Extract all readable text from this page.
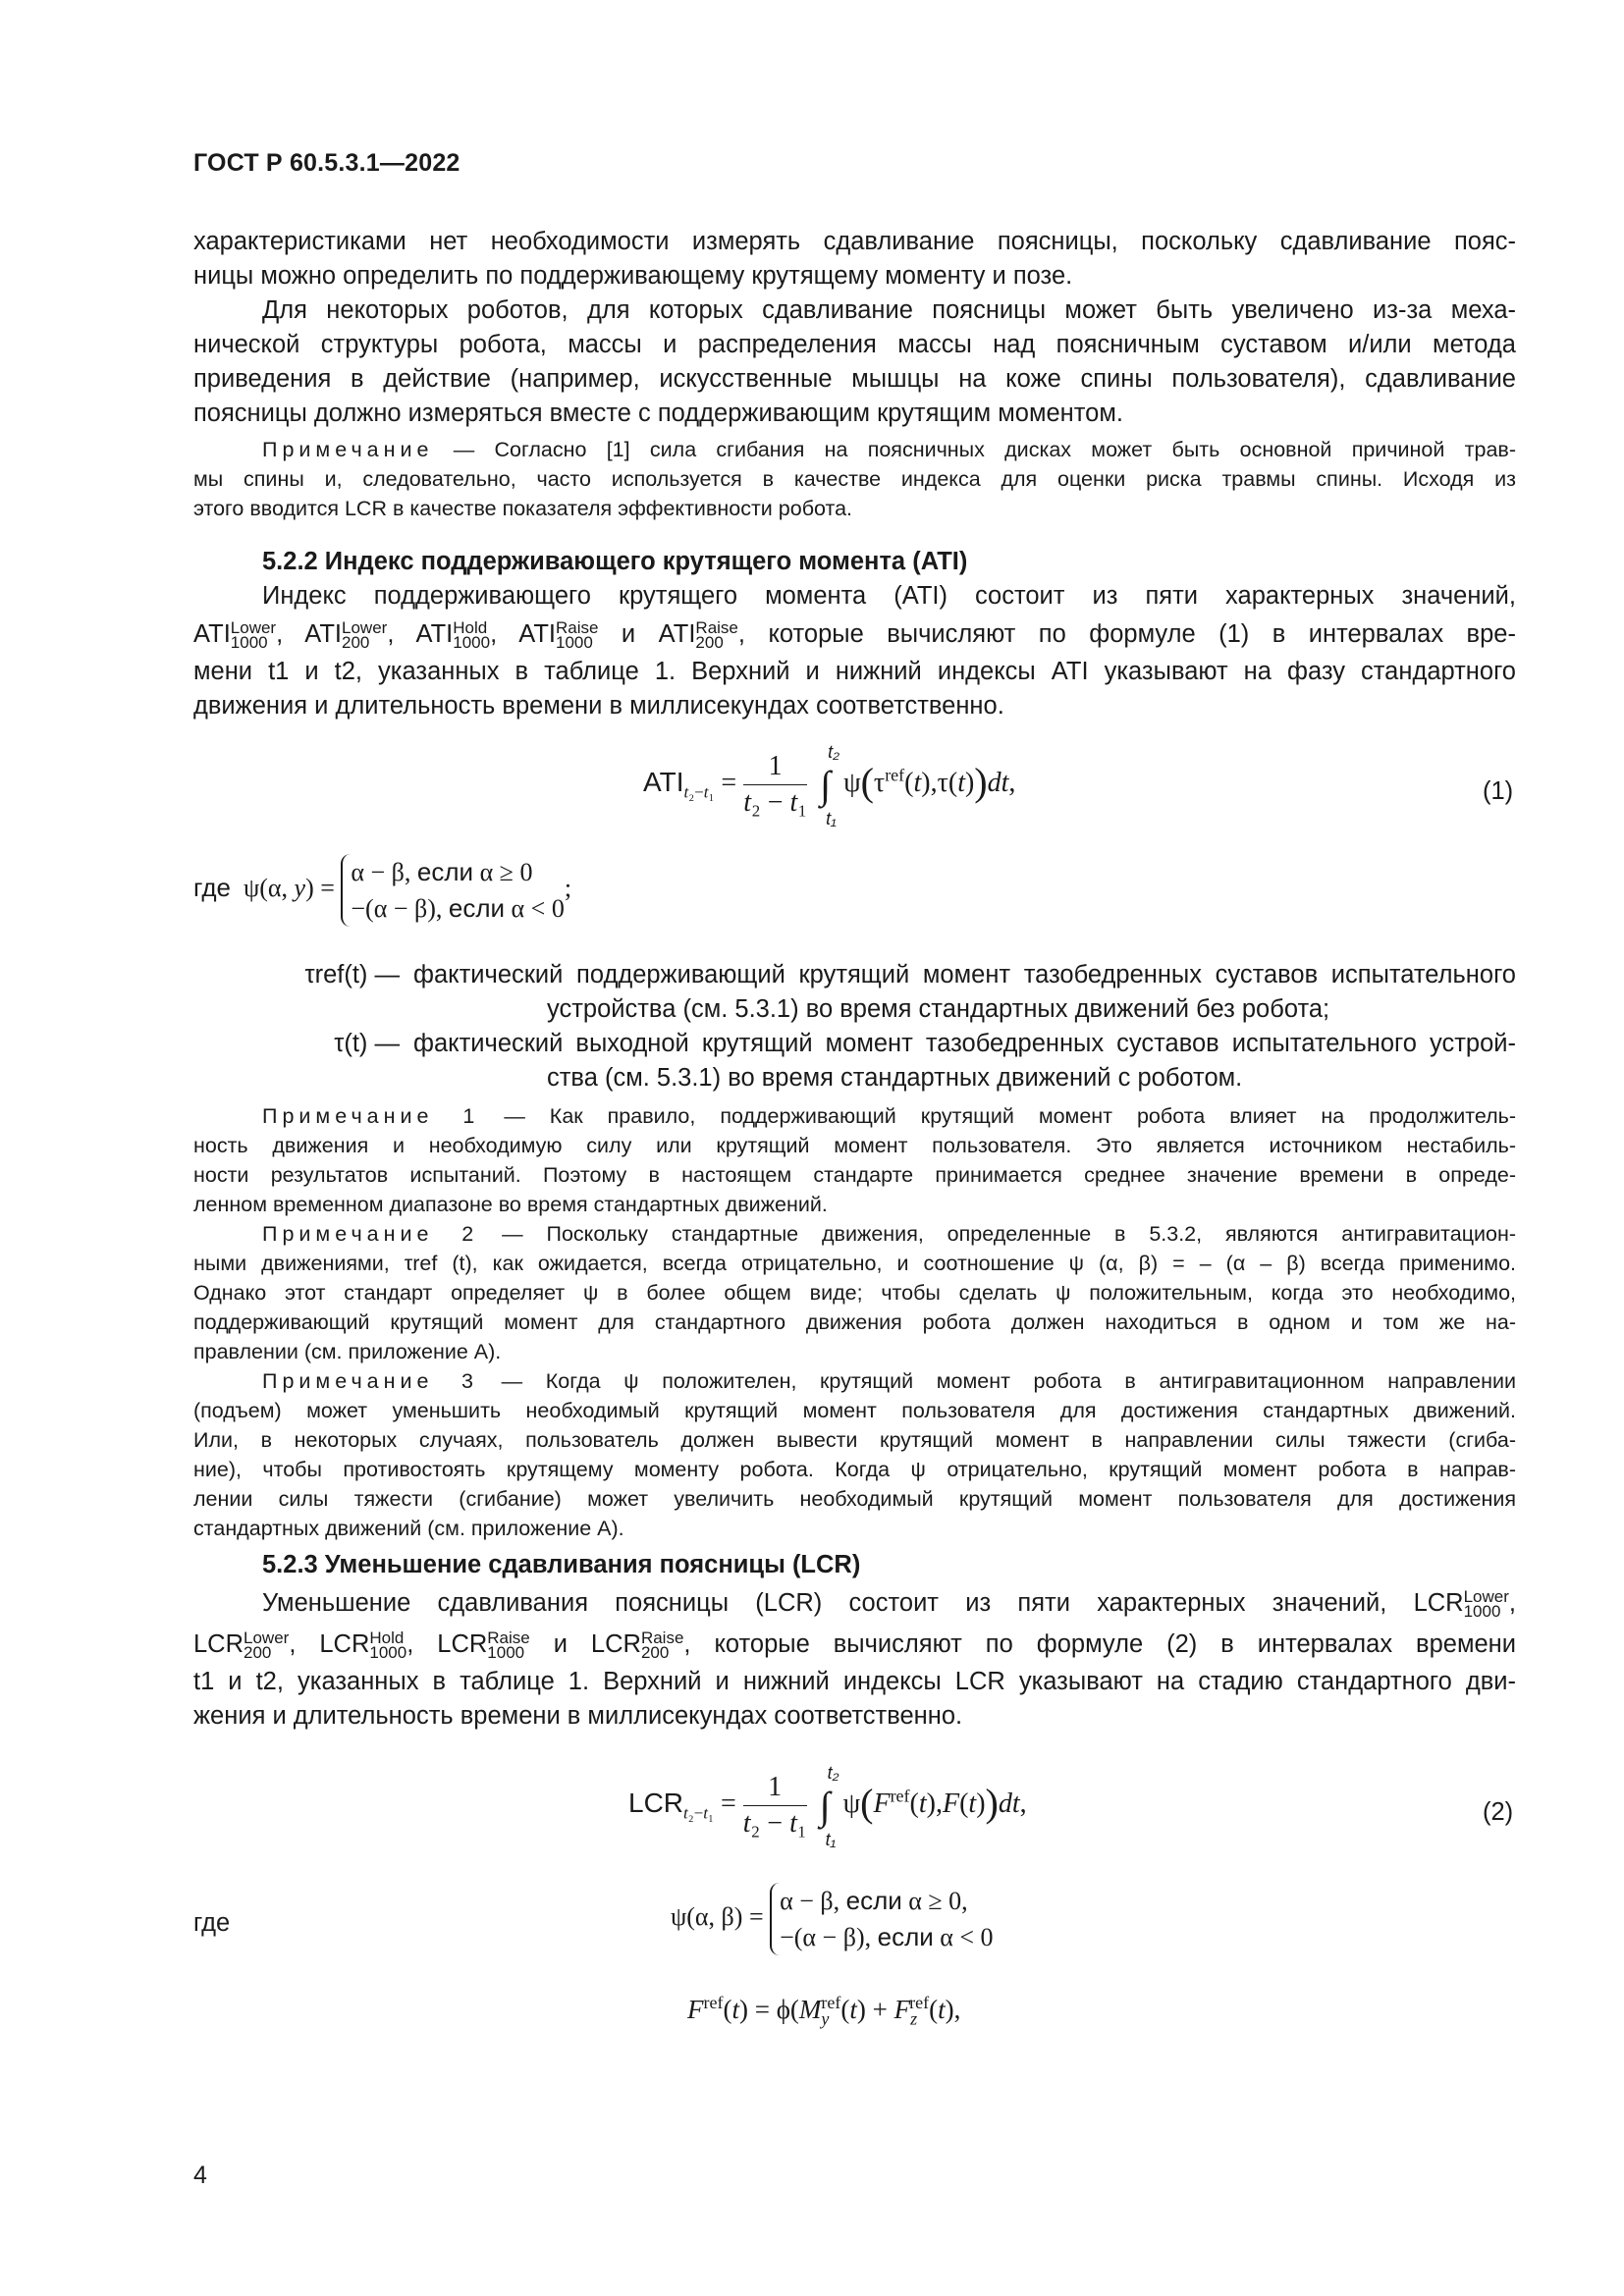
ГОСТ Р 60.5.3.1—2022
характеристиками нет необходимости измерять сдавливание поясницы, поскольку сдавливание пояс-
ницы можно определить по поддерживающему крутящему моменту и позе.
Для некоторых роботов, для которых сдавливание поясницы может быть увеличено из-за меха-
нической структуры робота, массы и распределения массы над поясничным суставом и/или метода
приведения в действие (например, искусственные мышцы на коже спины пользователя), сдавливание
поясницы должно измеряться вместе с поддерживающим крутящим моментом.
Примечание — Согласно [1] сила сгибания на поясничных дисках может быть основной причиной трав-
мы спины и, следовательно, часто используется в качестве индекса для оценки риска травмы спины. Исходя из
этого вводится LCR в качестве показателя эффективности робота.
5.2.2 Индекс поддерживающего крутящего момента (ATI)
Индекс поддерживающего крутящего момента (ATI) состоит из пяти характерных значений,
ATI Lower
1000 , ATI Lower
200 , ATI Hold
1000 , ATI Raise
1000 и ATI Raise
200 , которые вычисляют по формуле (1) в интервалах вре-
мени t1 и t2, указанных в таблице 1. Верхний и нижний индексы ATI указывают на фазу стандартного
движения и длительность времени в миллисекундах соответственно.
$ATI_{t_2-t_1} = \frac{1}{\text{t₂ − t₁}}$ ∫
t₂
t₁
$\psi(\tau^{ref}(t),\tau(t))dt$,	(1)
где  ψ(α, y) =
α − β, если α ≥ 0
−(α − β), если α < 0
;
τref(t) — фактический поддерживающий крутящий момент тазобедренных суставов испытательного
устройства (см. 5.3.1) во время стандартных движений без робота;
τ(t) — фактический выходной крутящий момент тазобедренных суставов испытательного устрой-
ства (см. 5.3.1) во время стандартных движений с роботом.
Примечание 1 — Как правило, поддерживающий крутящий момент робота влияет на продолжитель-
ность движения и необходимую силу или крутящий момент пользователя. Это является источником нестабиль-
ности результатов испытаний. Поэтому в настоящем стандарте принимается среднее значение времени в опреде-
ленном временном диапазоне во время стандартных движений.
Примечание 2 — Поскольку стандартные движения, определенные в 5.3.2, являются антигравитацион-
ными движениями, τref (t), как ожидается, всегда отрицательно, и соотношение ψ (α, β) = – (α – β) всегда применимо.
Однако этот стандарт определяет ψ в более общем виде; чтобы сделать ψ положительным, когда это необходимо,
поддерживающий крутящий момент для стандартного движения робота должен находиться в одном и том же на-
правлении (см. приложение А).
Примечание 3 — Когда ψ положителен, крутящий момент робота в антигравитационном направлении
(подъем) может уменьшить необходимый крутящий момент пользователя для достижения стандартных движений.
Или, в некоторых случаях, пользователь должен вывести крутящий момент в направлении силы тяжести (сгиба-
ние), чтобы противостоять крутящему моменту робота. Когда ψ отрицательно, крутящий момент робота в направ-
лении силы тяжести (сгибание) может увеличить необходимый крутящий момент пользователя для достижения
стандартных движений (см. приложение А).
5.2.3 Уменьшение сдавливания поясницы (LCR)
Уменьшение сдавливания поясницы (LCR) состоит из пяти характерных значений, LCR Lower
1000 ,
LCR Lower
200 , LCR Hold
1000 , LCR Raise
1000 и LCR Raise
200 , которые вычисляют по формуле (2) в интервалах времени
t1 и t2, указанных в таблице 1. Верхний и нижний индексы LCR указывают на стадию стандартного дви-
жения и длительность времени в миллисекундах соответственно.
$LCR_{t_2-t_1} = \frac{1}{\text{t₂ − t₁}}$ ∫
t₂
t₁
$\psi(F^{ref}(t),F(t))dt$,	(2)
где	ψ(α, β) =
α − β, если α ≥ 0,
−(α − β), если α < 0
$F^{ref}(t) = \phi(M_y^{ref}(t) + F_z^{ref}(t)$,
4
